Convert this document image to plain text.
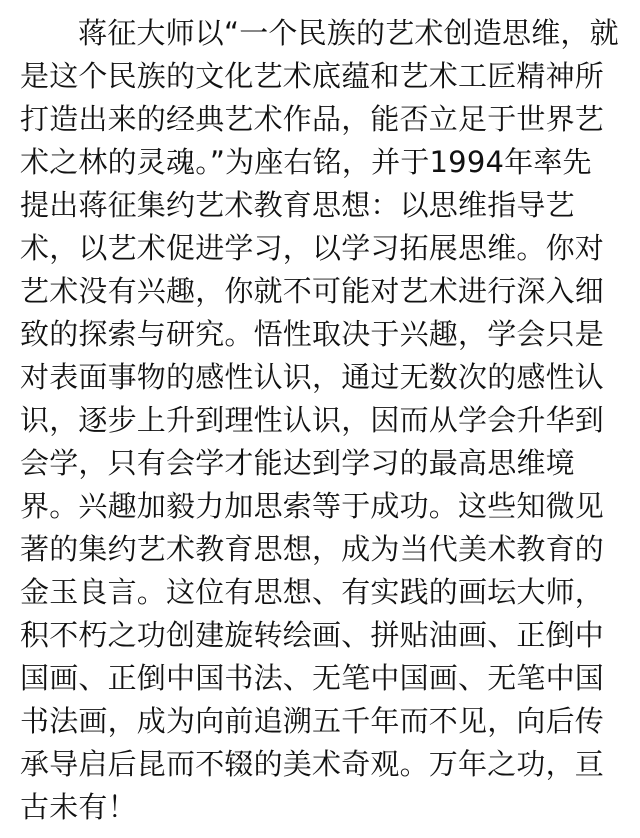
蒋征大师以“一个民族的艺术创造思维，就
是这个民族的文化艺术底蕴和艺术工匠精神所
打造出来的经典艺术作品，能否立足于世界艺
术之林的灵魂。”为座右铭，并于1994年率先
提出蒋征集约艺术教育思想：以思维指导艺
术，以艺术促进学习，以学习拓展思维。你对
艺术没有兴趣，你就不可能对艺术进行深入细
致的探索与研究。悟性取决于兴趣，学会只是
对表面事物的感性认识，通过无数次的感性认
识，逐步上升到理性认识，因而从学会升华到
会学，只有会学才能达到学习的最高思维境
界。兴趣加毅力加思索等于成功。这些知微见
著的集约艺术教育思想，成为当代美术教育的
金玉良言。这位有思想、有实践的画坛大师，
积不朽之功创建旋转绘画、拼贴油画、正倒中
国画、正倒中国书法、无笔中国画、无笔中国
书法画，成为向前追溯五千年而不见，向后传
承导启后昆而不辍的美术奇观。万年之功，亘
古未有！
